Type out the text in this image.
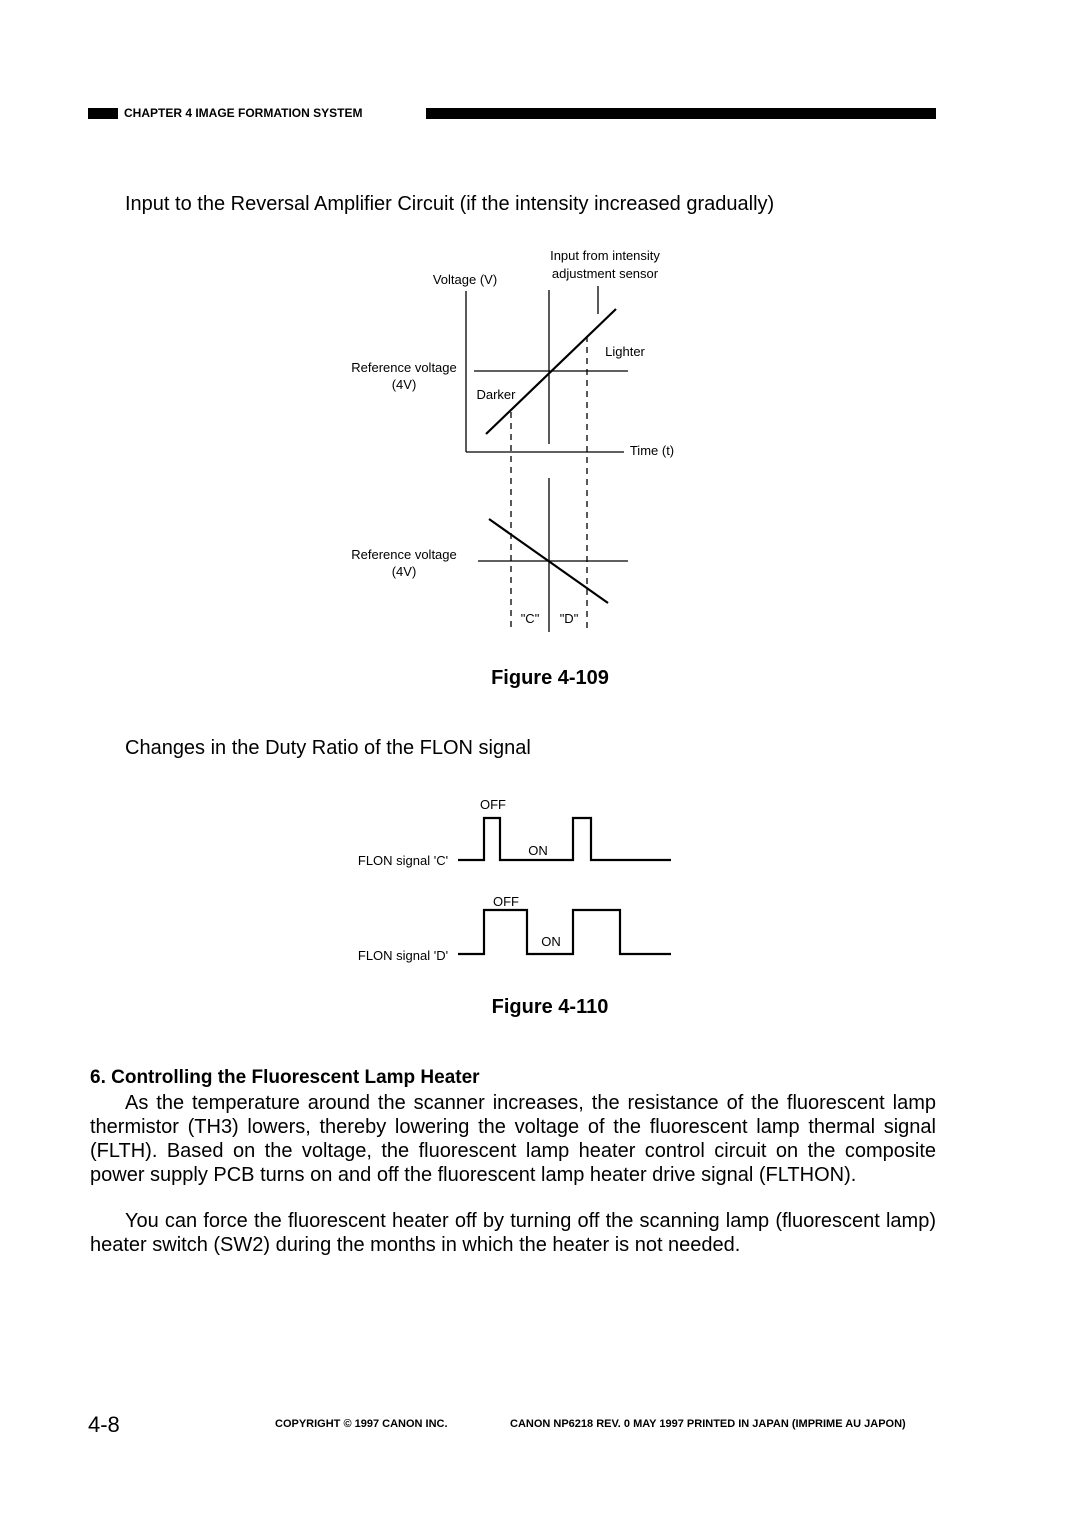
CHAPTER 4 IMAGE FORMATION SYSTEM
Input to the Reversal Amplifier Circuit (if the intensity increased gradually)
Voltage (V)
Input from intensity
adjustment sensor
Lighter
Darker
Reference voltage
(4V)
Time (t)
Reference voltage
(4V)
"C" "D"
Figure 4-109
Changes in the Duty Ratio of the FLON signal
OFF
ON
FLON signal 'C'
OFF
ON
FLON signal 'D'
Figure 4-110
6. Controlling the Fluorescent Lamp Heater

As the temperature around the scanner increases, the resistance of the fluorescent lamp thermistor (TH3) lowers, thereby lowering the voltage of the fluorescent lamp thermal signal (FLTH). Based on the voltage, the fluorescent lamp heater control circuit on the composite power supply PCB turns on and off the fluorescent lamp heater drive signal (FLTHON).

You can force the fluorescent heater off by turning off the scanning lamp (fluorescent lamp) heater switch (SW2) during the months in which the heater is not needed.

4-8	COPYRIGHT © 1997 CANON INC.	CANON NP6218 REV. 0 MAY 1997 PRINTED IN JAPAN (IMPRIME AU JAPON)
